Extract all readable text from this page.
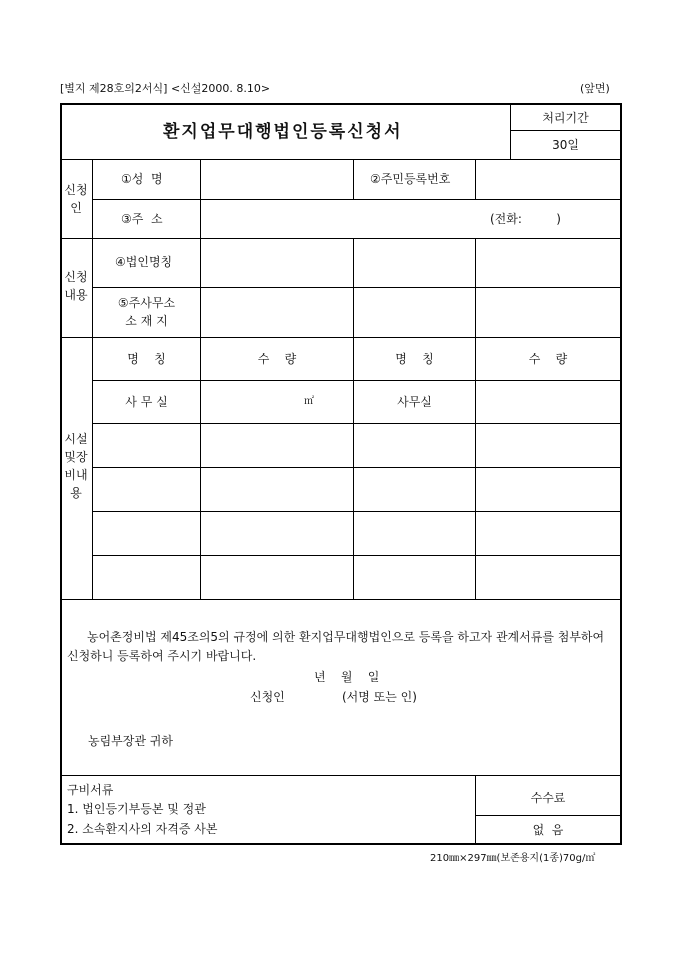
[별지 제28호의2서식] <신설2000. 8.10>	(앞면)
환지업무대행법인등록신청서
처리기간
30일
신청
인
①성  명	②주민등록번호
③주  소	(전화:         )
신청
내용
④법인명칭
⑤주사무소
소 재 지
시설
및장
비내
용
명    칭	수    량	명    칭	수    량
사 무 실	㎡	사무실
농어촌정비법 제45조의5의 규정에 의한 환지업무대행법인으로 등록을 하고자 관계서류를 첨부하여 신청하니 등록하여 주시기 바랍니다.
년    월    일
신청인	(서명 또는 인)
농림부장관 귀하
구비서류
1. 법인등기부등본 및 정관
2. 소속환지사의 자격증 사본
수수료
없  음
210㎜×297㎜(보존용지(1종)70g/㎡
